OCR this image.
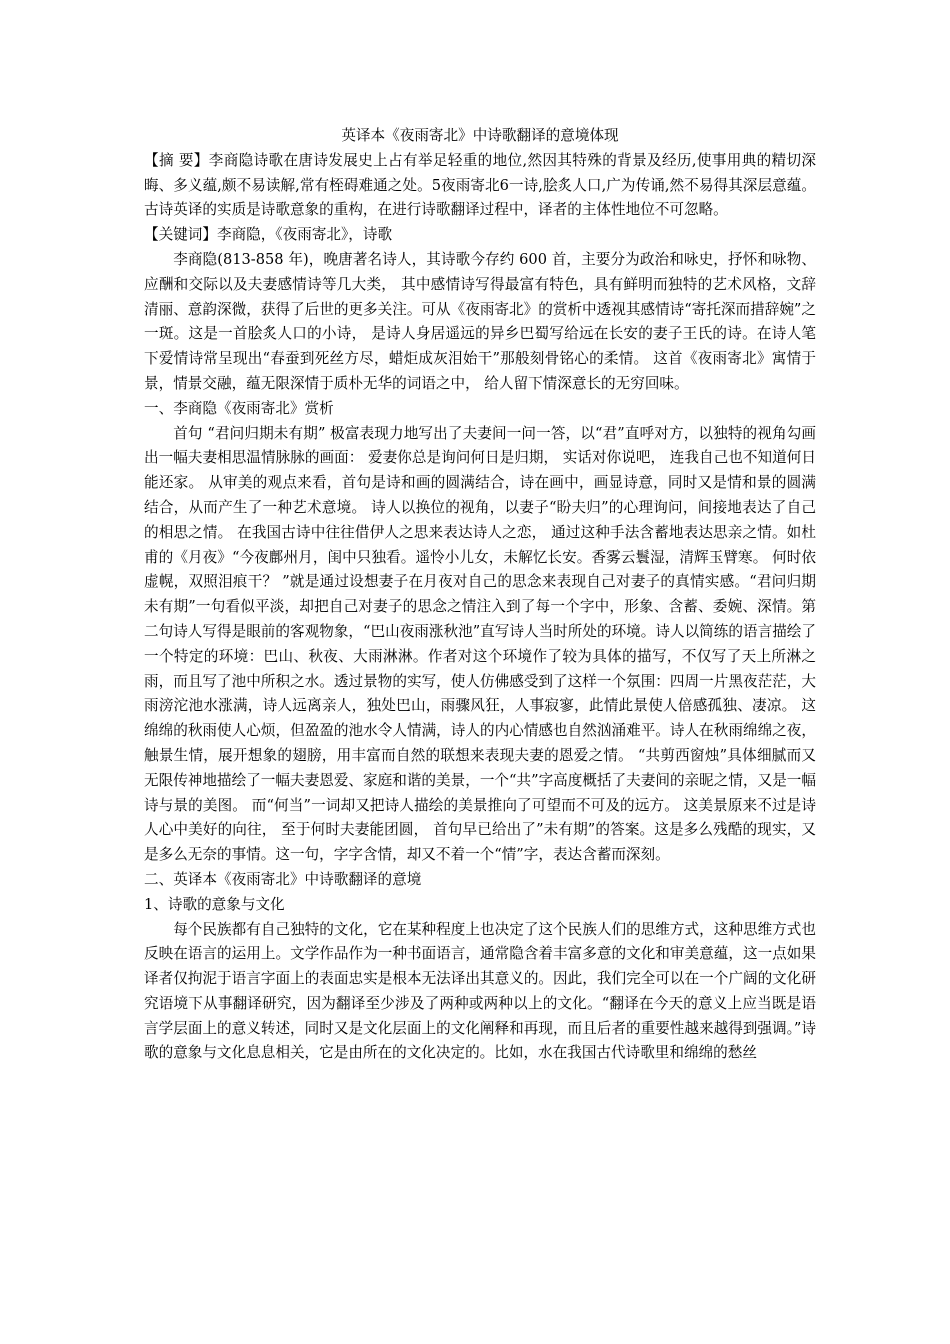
英译本《夜雨寄北》中诗歌翻译的意境体现

【摘 要】李商隐诗歌在唐诗发展史上占有举足轻重的地位,然因其特殊的背景及经历,使事用典的精切深晦、多义蕴,颇不易读解,常有桎碍难通之处。5夜雨寄北6一诗,脍炙人口,广为传诵,然不易得其深层意蕴。古诗英译的实质是诗歌意象的重构，在进行诗歌翻译过程中，译者的主体性地位不可忽略。

【关键词】李商隐，《夜雨寄北》，诗歌

李商隐(813-858 年)，晚唐著名诗人，其诗歌今存约 600 首，主要分为政治和咏史，抒怀和咏物、应酬和交际以及夫妻感情诗等几大类， 其中感情诗写得最富有特色，具有鲜明而独特的艺术风格，文辞清丽、意韵深微，获得了后世的更多关注。可从《夜雨寄北》的赏析中透视其感情诗“寄托深而措辞婉”之一斑。这是一首脍炙人口的小诗， 是诗人身居遥远的异乡巴蜀写给远在长安的妻子王氏的诗。在诗人笔下爱情诗常呈现出“春蚕到死丝方尽，蜡炬成灰泪始干”那般刻骨铭心的柔情。 这首《夜雨寄北》寓情于景，情景交融，蕴无限深情于质朴无华的词语之中， 给人留下情深意长的无穷回味。

一、李商隐《夜雨寄北》赏析

首句 “君问归期未有期” 极富表现力地写出了夫妻间一问一答，以“君”直呼对方，以独特的视角勾画出一幅夫妻相思温情脉脉的画面： 爱妻你总是询问何日是归期， 实话对你说吧， 连我自己也不知道何日能还家。 从审美的观点来看，首句是诗和画的圆满结合，诗在画中，画显诗意，同时又是情和景的圆满结合，从而产生了一种艺术意境。 诗人以换位的视角，以妻子“盼夫归”的心理询问，间接地表达了自己的相思之情。 在我国古诗中往往借伊人之思来表达诗人之恋， 通过这种手法含蓄地表达思亲之情。如杜甫的《月夜》“今夜鄜州月，闺中只独看。遥怜小儿女，未解忆长安。香雾云鬟湿，清辉玉臂寒。 何时依虚幌，双照泪痕干？ ”就是通过设想妻子在月夜对自己的思念来表现自己对妻子的真情实感。“君问归期未有期”一句看似平淡，却把自己对妻子的思念之情注入到了每一个字中，形象、含蓄、委婉、深情。第二句诗人写得是眼前的客观物象，“巴山夜雨涨秋池”直写诗人当时所处的环境。诗人以简练的语言描绘了一个特定的环境：巴山、秋夜、大雨淋淋。作者对这个环境作了较为具体的描写，不仅写了天上所淋之雨，而且写了池中所积之水。透过景物的实写，使人仿佛感受到了这样一个氛围：四周一片黑夜茫茫，大雨滂沱池水涨满，诗人远离亲人，独处巴山，雨骤风狂，人事寂寥，此情此景使人倍感孤独、凄凉。 这绵绵的秋雨使人心烦，但盈盈的池水令人情满，诗人的内心情感也自然汹涌难平。诗人在秋雨绵绵之夜，触景生情，展开想象的翅膀，用丰富而自然的联想来表现夫妻的恩爱之情。 “共剪西窗烛”具体细腻而又无限传神地描绘了一幅夫妻恩爱、家庭和谐的美景，一个“共”字高度概括了夫妻间的亲昵之情，又是一幅诗与景的美图。 而“何当”一词却又把诗人描绘的美景推向了可望而不可及的远方。 这美景原来不过是诗人心中美好的向往， 至于何时夫妻能团圆， 首句早已给出了”未有期”的答案。这是多么残酷的现实，又是多么无奈的事情。这一句，字字含情，却又不着一个“情”字，表达含蓄而深刻。

二、英译本《夜雨寄北》中诗歌翻译的意境

1、诗歌的意象与文化

每个民族都有自己独特的文化，它在某种程度上也决定了这个民族人们的思维方式，这种思维方式也反映在语言的运用上。文学作品作为一种书面语言，通常隐含着丰富多意的文化和审美意蕴，这一点如果译者仅拘泥于语言字面上的表面忠实是根本无法译出其意义的。因此，我们完全可以在一个广阔的文化研究语境下从事翻译研究，因为翻译至少涉及了两种或两种以上的文化。“翻译在今天的意义上应当既是语言学层面上的意义转述，同时又是文化层面上的文化阐释和再现，而且后者的重要性越来越得到强调。”诗歌的意象与文化息息相关，它是由所在的文化决定的。比如，水在我国古代诗歌里和绵绵的愁丝
